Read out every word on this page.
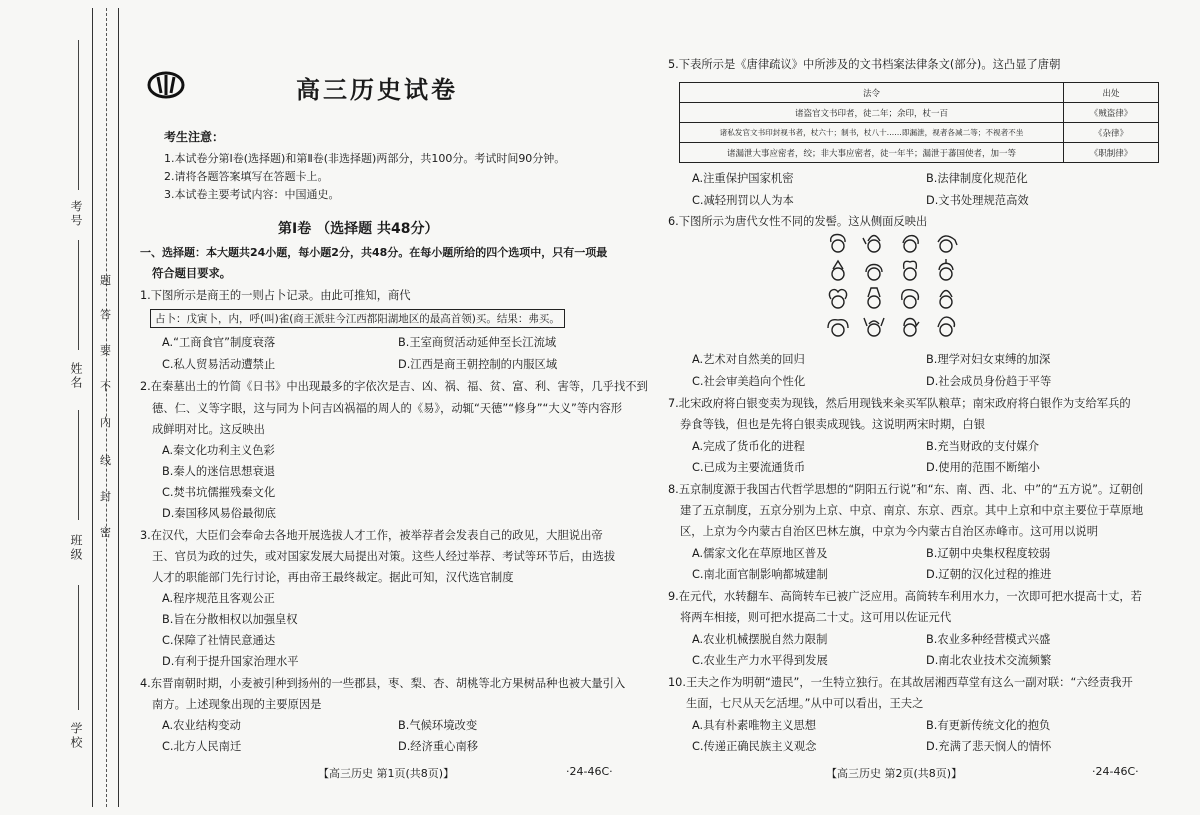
考号
姓名
班级
学校
题
答
要
不
内
线
封
密
高三历史试卷
考生注意：
1.本试卷分第Ⅰ卷(选择题)和第Ⅱ卷(非选择题)两部分，共100分。考试时间90分钟。
2.请将各题答案填写在答题卡上。
3.本试卷主要考试内容：中国通史。
第Ⅰ卷 （选择题 共48分）
一、选择题：本大题共24小题，每小题2分，共48分。在每小题所给的四个选项中，只有一项最
符合题目要求。
1.下图所示是商王的一则占卜记录。由此可推知，商代
占卜：戊寅卜，内，呼(叫)雀(商王派驻今江西都阳湖地区的最高首领)买。结果：弗买。
A.“工商食官”制度衰落	B.王室商贸活动延伸至长江流域
C.私人贸易活动遭禁止	D.江西是商王朝控制的内服区域
2.在秦墓出土的竹简《日书》中出现最多的字依次是吉、凶、祸、福、贫、富、利、害等，几乎找不到
德、仁、义等字眼，这与同为卜问吉凶祸福的周人的《易》，动辄“天德”“修身”“大义”等内容形
成鲜明对比。这反映出
A.秦文化功利主义色彩
B.秦人的迷信思想衰退
C.焚书坑儒摧残秦文化
D.秦国移风易俗最彻底
3.在汉代，大臣们会奉命去各地开展选拔人才工作，被举荐者会发表自己的政见，大胆说出帝
王、官员为政的过失，或对国家发展大局提出对策。这些人经过举荐、考试等环节后，由选拔
人才的职能部门先行讨论，再由帝王最终裁定。据此可知，汉代选官制度
A.程序规范且客观公正
B.旨在分散相权以加强皇权
C.保障了社情民意通达
D.有利于提升国家治理水平
4.东晋南朝时期，小麦被引种到扬州的一些郡县，枣、梨、杏、胡桃等北方果树品种也被大量引入
南方。上述现象出现的主要原因是
A.农业结构变动	B.气候环境改变
C.北方人民南迁	D.经济重心南移
【高三历史 第1页(共8页)】	·24-46C·
5.下表所示是《唐律疏议》中所涉及的文书档案法律条文(部分)。这凸显了唐朝
法令	出处
诸盗官文书印者，徒二年；余印，杖一百	《贼盗律》
诸私发官文书印封视书者，杖六十；制书，杖八十……即漏泄，视者各减二等；不视者不坐	《杂律》
诸漏泄大事应密者，绞；非大事应密者，徒一年半；漏泄于蕃国使者，加一等	《职制律》
A.注重保护国家机密	B.法律制度化规范化
C.减轻刑罚以人为本	D.文书处理规范高效
6.下图所示为唐代女性不同的发髻。这从侧面反映出
A.艺术对自然美的回归	B.理学对妇女束缚的加深
C.社会审美趋向个性化	D.社会成员身份趋于平等
7.北宋政府将白银变卖为现钱，然后用现钱来籴买军队粮草；南宋政府将白银作为支给军兵的
券食等钱，但也是先将白银卖成现钱。这说明两宋时期，白银
A.完成了货币化的进程	B.充当财政的支付媒介
C.已成为主要流通货币	D.使用的范围不断缩小
8.五京制度源于我国古代哲学思想的“阴阳五行说”和“东、南、西、北、中”的“五方说”。辽朝创
建了五京制度，五京分别为上京、中京、南京、东京、西京。其中上京和中京主要位于草原地
区，上京为今内蒙古自治区巴林左旗，中京为今内蒙古自治区赤峰市。这可用以说明
A.儒家文化在草原地区普及	B.辽朝中央集权程度较弱
C.南北面官制影响都城建制	D.辽朝的汉化过程的推进
9.在元代，水转翻车、高筒转车已被广泛应用。高筒转车利用水力，一次即可把水提高十丈，若
将两车相接，则可把水提高二十丈。这可用以佐证元代
A.农业机械摆脱自然力限制	B.农业多种经营模式兴盛
C.农业生产力水平得到发展	D.南北农业技术交流频繁
10.王夫之作为明朝“遗民”，一生特立独行。在其故居湘西草堂有这么一副对联：“六经责我开
生面，七尺从天乞活埋。”从中可以看出，王夫之
A.具有朴素唯物主义思想	B.有更新传统文化的抱负
C.传递正确民族主义观念	D.充满了悲天悯人的情怀
【高三历史 第2页(共8页)】	·24-46C·
